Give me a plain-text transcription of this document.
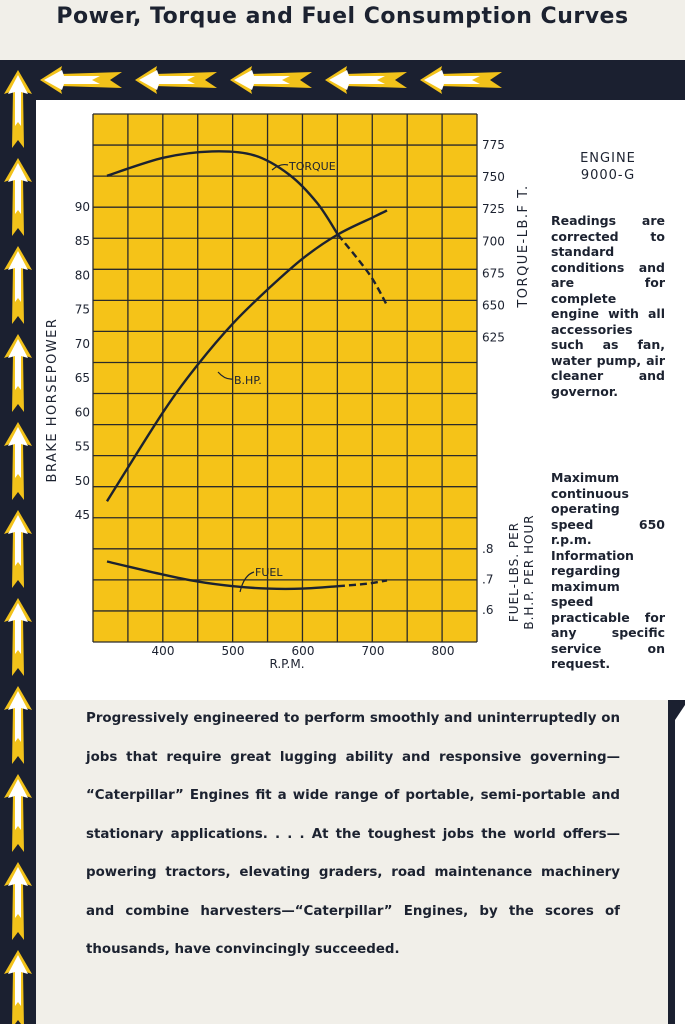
Power, Torque and Fuel Consumption Curves
400	500	600	700	800
R.P.M.
45
50
55
60
65
70
75
80
85
90
BRAKE HORSEPOWER	625
650
675
700
725
750
775
TORQUE-LB.F T.
.6
.7
.8 FUEL-LBS. PER B.H.P. PER HOUR
TORQUE
B.HP.
FUEL
ENGINE
9000-G
Readings are corrected to standard conditions and are for complete engine with all accessories such as fan, water pump, air cleaner and governor.
Maximum continuous operating speed 650 r.p.m. Information regarding maximum speed practicable for any specific service on request.
Progressively engineered to perform smoothly and uninterruptedly on jobs that require great lugging ability and responsive governing— “Caterpillar” Engines fit a wide range of portable, semi-portable and stationary applications. . . . At the toughest jobs the world offers— powering tractors, elevating graders, road maintenance machinery and combine harvesters—“Caterpillar” Engines, by the scores of thousands, have convincingly succeeded.
